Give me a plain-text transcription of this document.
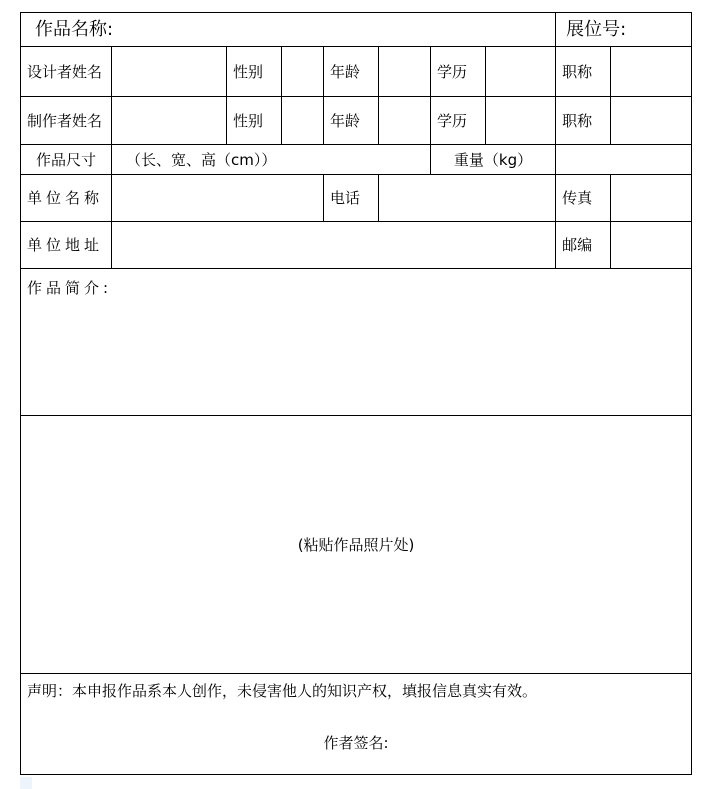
作品名称:								展位号:	
设计者姓名		性别		年龄		学历		职称	
制作者姓名		性别		年龄		学历		职称	
作品尺寸	（长、宽、高（cm））					重量（kg）			
单位名称				电话				传真	
单位地址								邮编	
作品简介:									
(粘贴作品照片处)									

声明：本申报作品系本人创作，未侵害他人的知识产权，填报信息真实有效。
作者签名:									
